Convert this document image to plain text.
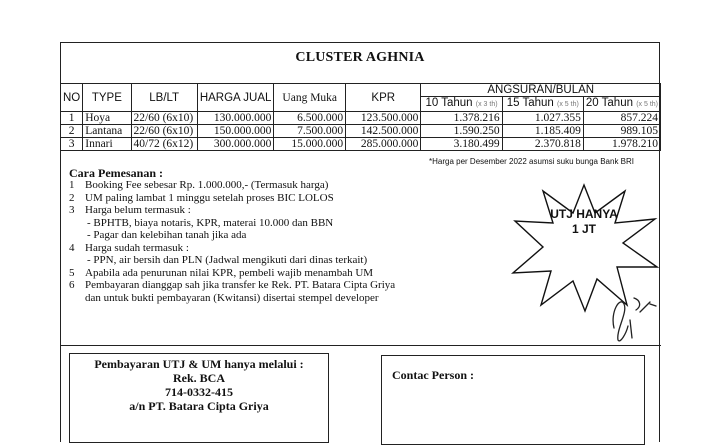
CLUSTER AGHNIA
NO	TYPE	LB/LT	HARGA JUAL	Uang Muka	KPR	ANGSURAN/BULAN		
						10 Tahun (x 3 th)	15 Tahun (x 5 th)	20 Tahun (x 5 th)
1	Hoya	22/60 (6x10)	130.000.000	6.500.000	123.500.000	1.378.216	1.027.355	857.224
2	Lantana	22/60 (6x10)	150.000.000	7.500.000	142.500.000	1.590.250	1.185.409	989.105
3	Innari	40/72 (6x12)	300.000.000	15.000.000	285.000.000	3.180.499	2.370.818	1.978.210
*Harga per Desember 2022 asumsi suku bunga Bank BRI
Cara Pemesanan :
1 Booking Fee sebesar Rp. 1.000.000,- (Termasuk harga)
2 UM paling lambat 1 minggu setelah proses BIC LOLOS
3 Harga belum termasuk :
- BPHTB, biaya notaris, KPR, materai 10.000 dan BBN
- Pagar dan kelebihan tanah jika ada
4 Harga sudah termasuk :
- PPN, air bersih dan PLN (Jadwal mengikuti dari dinas terkait)
5 Apabila ada penurunan nilai KPR, pembeli wajib menambah UM
6 Pembayaran dianggap sah jika transfer ke Rek. PT. Batara Cipta Griya
dan untuk bukti pembayaran (Kwitansi) disertai stempel developer
UTJ HANYA
1 JT
Pembayaran UTJ & UM hanya melalui :
Rek. BCA
714-0332-415
a/n PT. Batara Cipta Griya
Contac Person :
